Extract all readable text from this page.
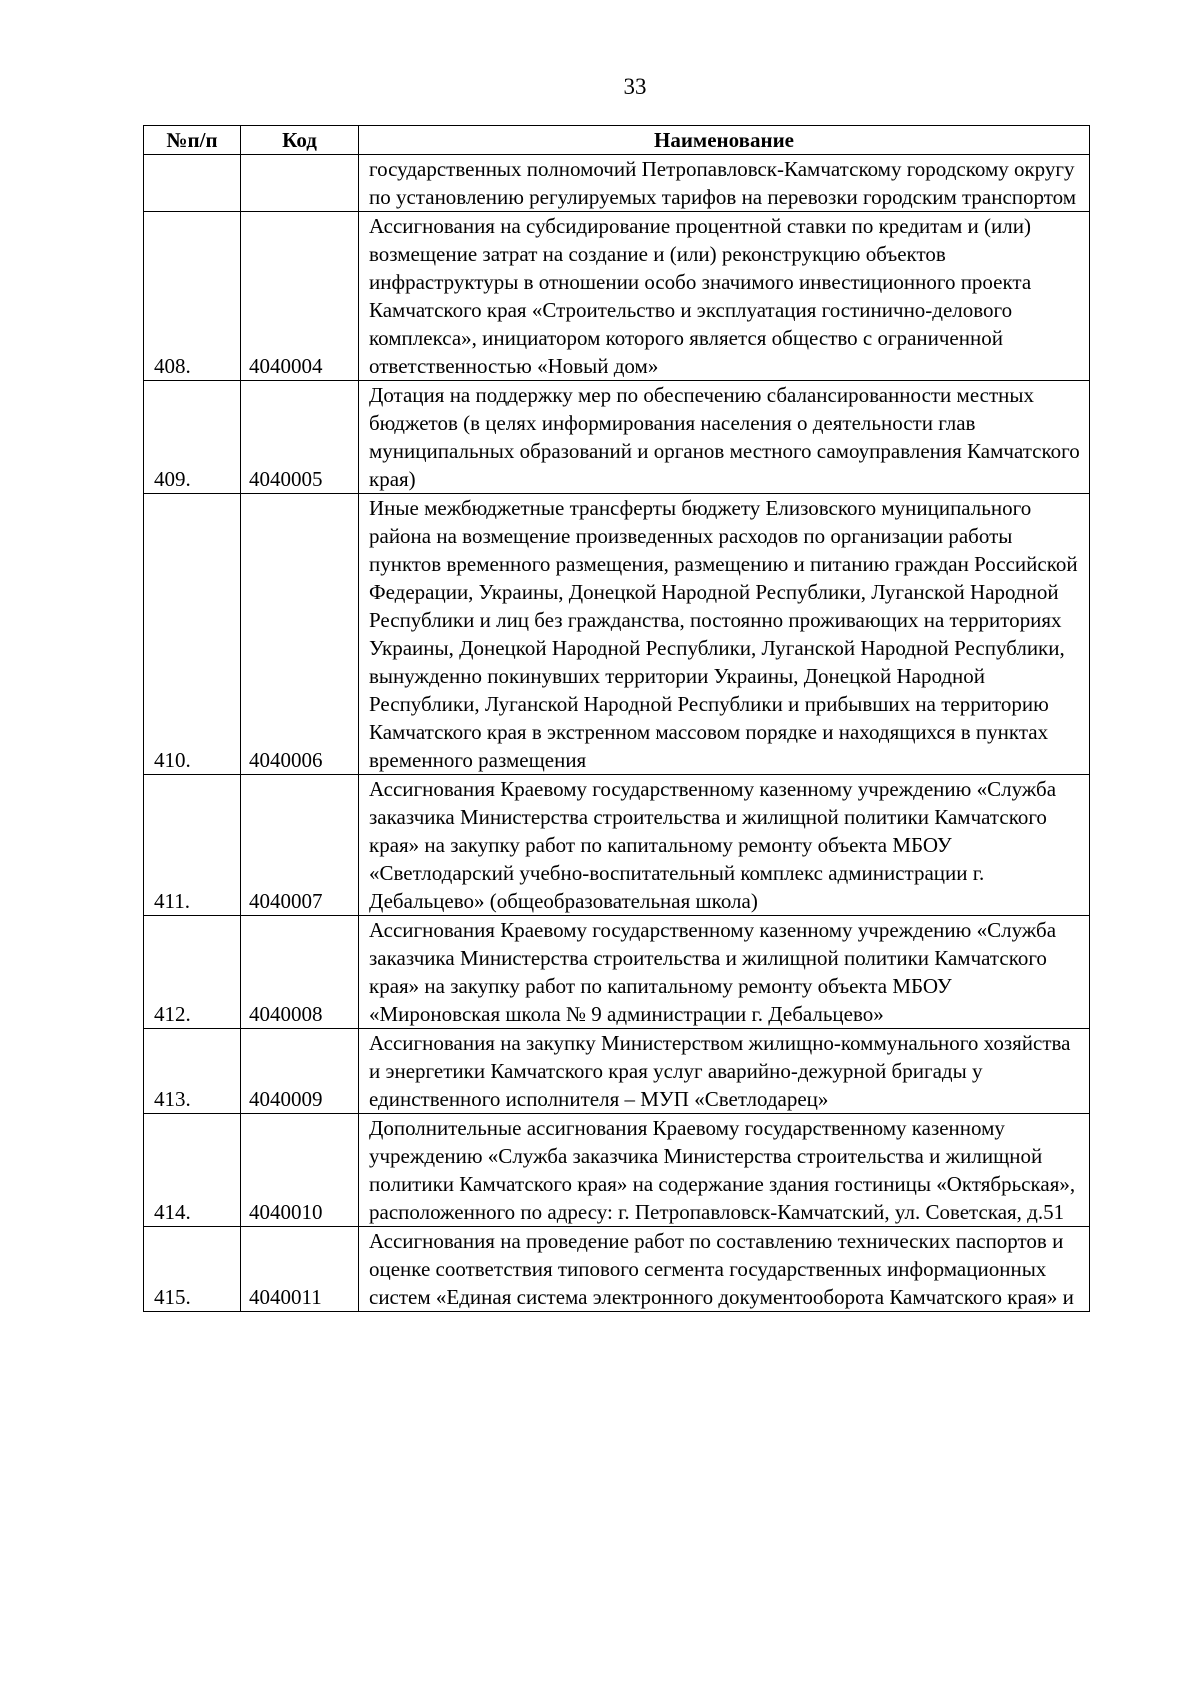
33
№п/п	Код	Наименование
		государственных полномочий Петропавловск-Камчатскому городскому округу по установлению регулируемых тарифов на перевозки городским транспортом
408.	4040004	Ассигнования на субсидирование процентной ставки по кредитам и (или) возмещение затрат на создание и (или) реконструкцию объектов инфраструктуры в отношении особо значимого инвестиционного проекта Камчатского края «Строительство и эксплуатация гостинично-делового комплекса», инициатором которого является общество с ограниченной ответственностью «Новый дом»
409.	4040005	Дотация на поддержку мер по обеспечению сбалансированности местных бюджетов (в целях информирования населения о деятельности глав муниципальных образований и органов местного самоуправления Камчатского края)
410.	4040006	Иные межбюджетные трансферты бюджету Елизовского муниципального района на возмещение произведенных расходов по организации работы пунктов временного размещения, размещению и питанию граждан Российской Федерации, Украины, Донецкой Народной Республики, Луганской Народной Республики и лиц без гражданства, постоянно проживающих на территориях Украины, Донецкой Народной Республики, Луганской Народной Республики, вынужденно покинувших территории Украины, Донецкой Народной Республики, Луганской Народной Республики и прибывших на территорию Камчатского края в экстренном массовом порядке и находящихся в пунктах временного размещения
411.	4040007	Ассигнования Краевому государственному казенному учреждению «Служба заказчика Министерства строительства и жилищной политики Камчатского края» на закупку работ по капитальному ремонту объекта МБОУ «Светлодарский учебно-воспитательный комплекс администрации г. Дебальцево» (общеобразовательная школа)
412.	4040008	Ассигнования Краевому государственному казенному учреждению «Служба заказчика Министерства строительства и жилищной политики Камчатского края» на закупку работ по капитальному ремонту объекта МБОУ «Мироновская школа № 9 администрации г. Дебальцево»
413.	4040009	Ассигнования на закупку Министерством жилищно-коммунального хозяйства и энергетики Камчатского края услуг аварийно-дежурной бригады у единственного исполнителя – МУП «Светлодарец»
414.	4040010	Дополнительные ассигнования Краевому государственному казенному учреждению «Служба заказчика Министерства строительства и жилищной политики Камчатского края» на содержание здания гостиницы «Октябрьская», расположенного по адресу: г. Петропавловск-Камчатский, ул. Советская, д.51
415.	4040011	Ассигнования на проведение работ по составлению технических паспортов и оценке соответствия типового сегмента государственных информационных систем «Единая система электронного документооборота Камчатского края» и
